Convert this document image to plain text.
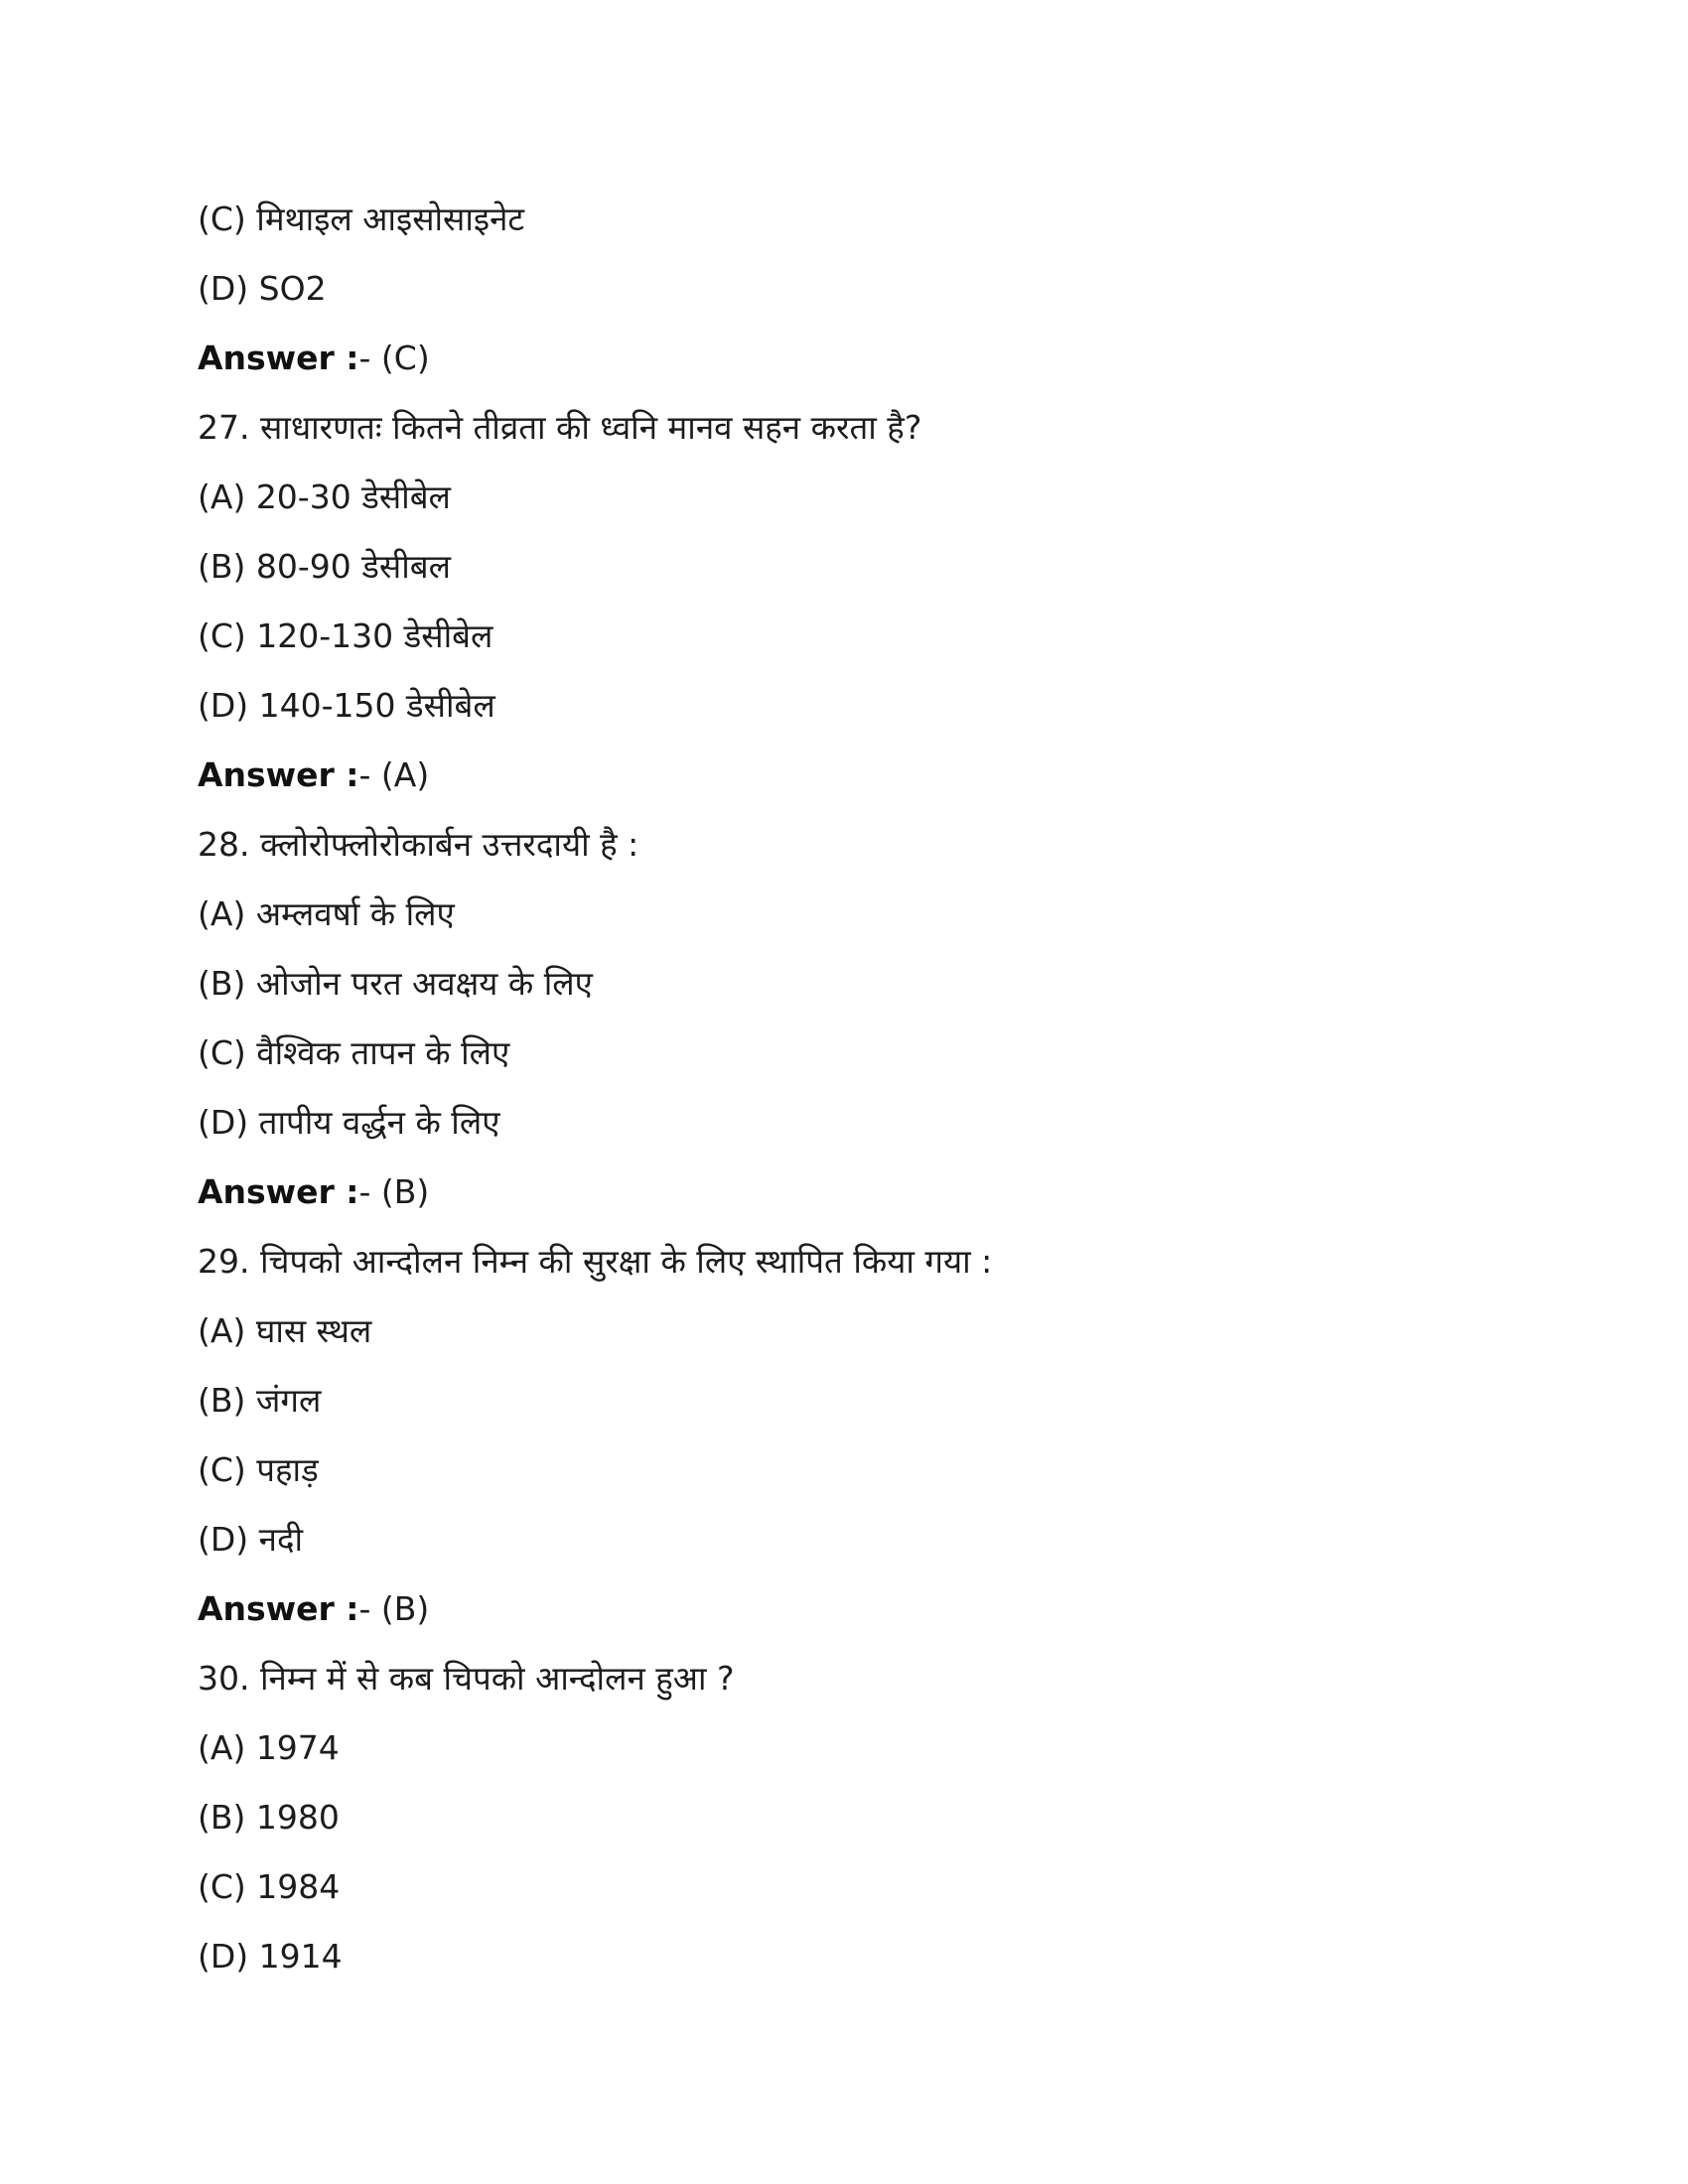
(C) मिथाइल आइसोसाइनेट
(D) SO2
Answer :- (C)
27. साधारणतः कितने तीव्रता की ध्वनि मानव सहन करता है?
(A) 20-30 डेसीबेल
(B) 80-90 डेसीबल
(C) 120-130 डेसीबेल
(D) 140-150 डेसीबेल
Answer :- (A)
28. क्लोरोफ्लोरोकार्बन उत्तरदायी है :
(A) अम्लवर्षा के लिए
(B) ओजोन परत अवक्षय के लिए
(C) वैश्विक तापन के लिए
(D) तापीय वर्द्धन के लिए
Answer :- (B)
29. चिपको आन्दोलन निम्न की सुरक्षा के लिए स्थापित किया गया :
(A) घास स्थल
(B) जंगल
(C) पहाड़
(D) नदी
Answer :- (B)
30. निम्न में से कब चिपको आन्दोलन हुआ ?
(A) 1974
(B) 1980
(C) 1984
(D) 1914
